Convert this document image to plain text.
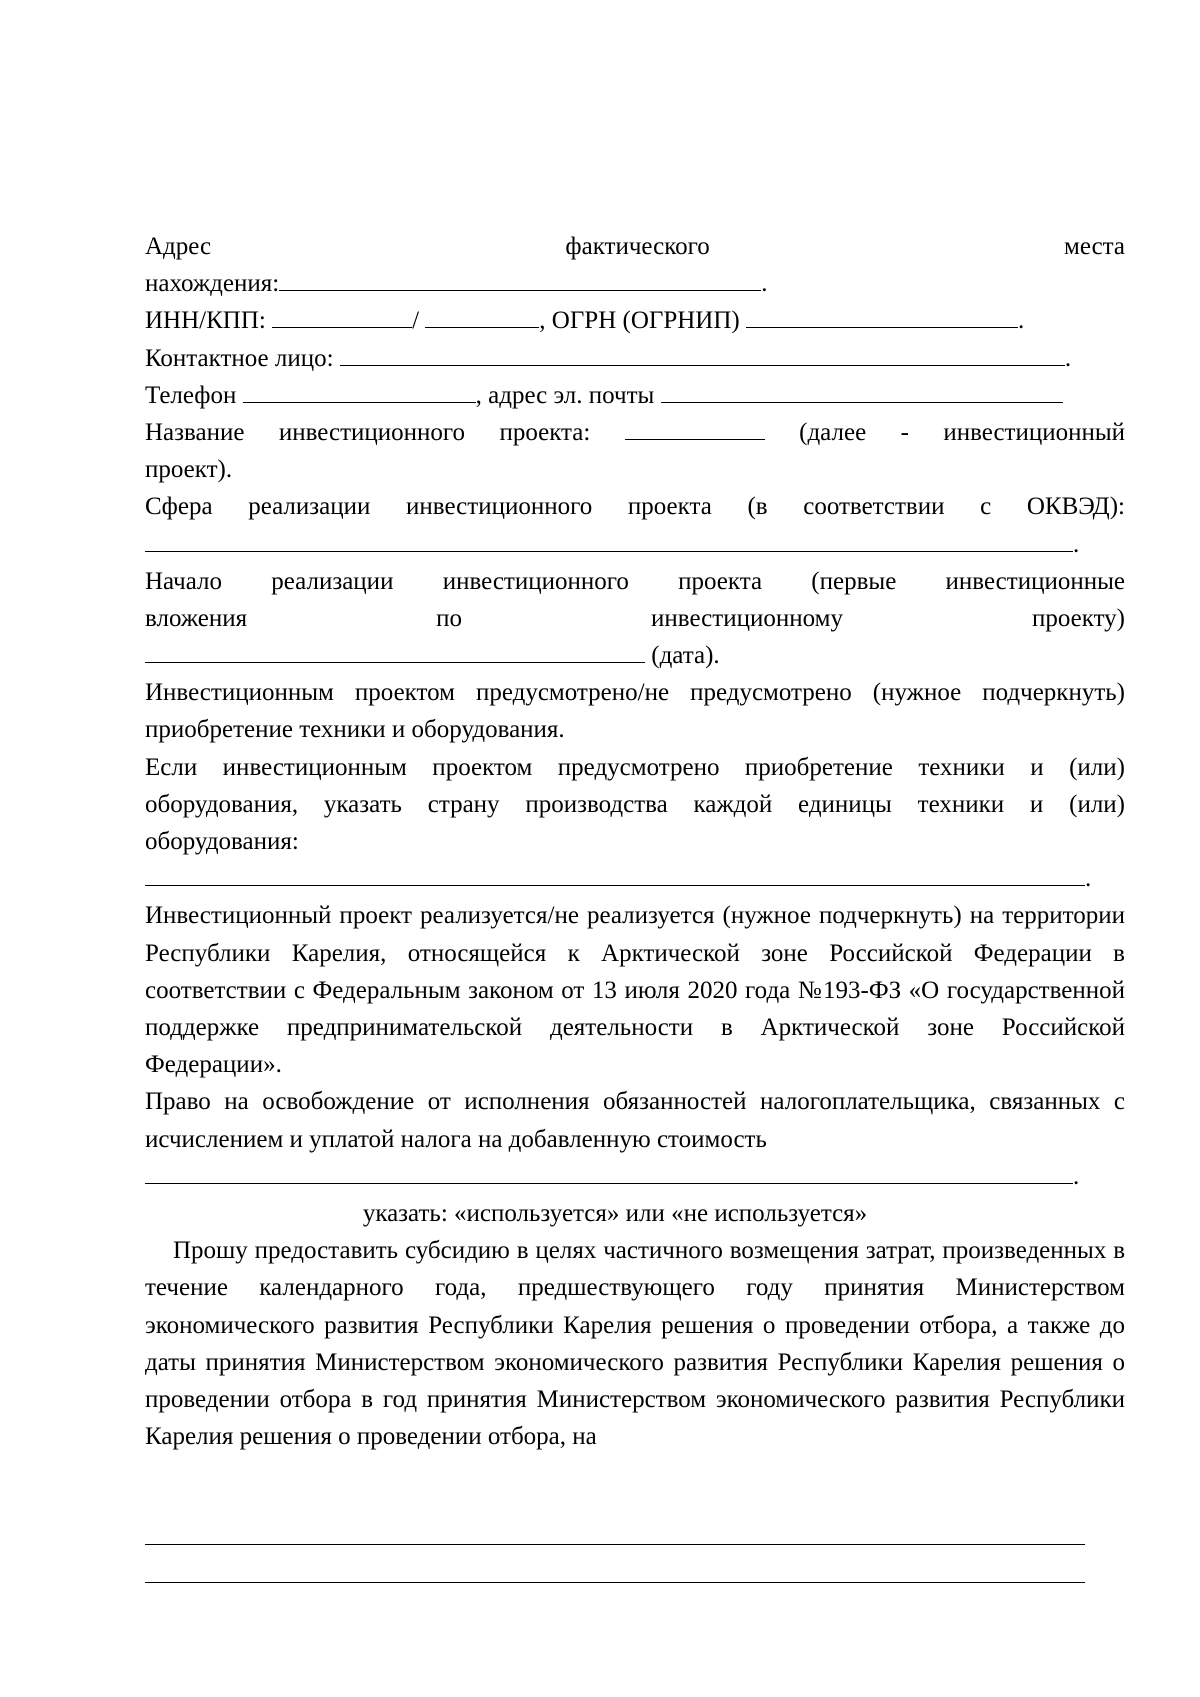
Адрес	фактического	места
нахождения:	.
ИНН/КПП:	/	, ОГРН (ОГРНИП)	.
Контактное лицо:	.
Телефон	, адрес эл. почты
Название инвестиционного проекта:	(далее - инвестиционный
проект).
Сфера реализации инвестиционного проекта (в соответствии с ОКВЭД):
.
Начало реализации инвестиционного проекта (первые инвестиционные
вложения	по	инвестиционному	проекту)
(дата).
Инвестиционным проектом предусмотрено/не предусмотрено (нужное подчеркнуть) приобретение техники и оборудования.
Если инвестиционным проектом предусмотрено приобретение техники и (или) оборудования, указать страну производства каждой единицы техники и (или) оборудования:
.
Инвестиционный проект реализуется/не реализуется (нужное подчеркнуть) на территории Республики Карелия, относящейся к Арктической зоне Российской Федерации в соответствии с Федеральным законом от 13 июля 2020 года №193-ФЗ «О государственной поддержке предпринимательской деятельности в Арктической зоне Российской Федерации».
Право на освобождение от исполнения обязанностей налогоплательщика, связанных с исчислением и уплатой налога на добавленную стоимость
.
указать: «используется» или «не используется»
Прошу предоставить субсидию в целях частичного возмещения затрат, произведенных в течение календарного года, предшествующего году принятия Министерством экономического развития Республики Карелия решения о проведении отбора, а также до даты принятия Министерством экономического развития Республики Карелия решения о проведении отбора в год принятия Министерством экономического развития Республики Карелия решения о проведении отбора, на
